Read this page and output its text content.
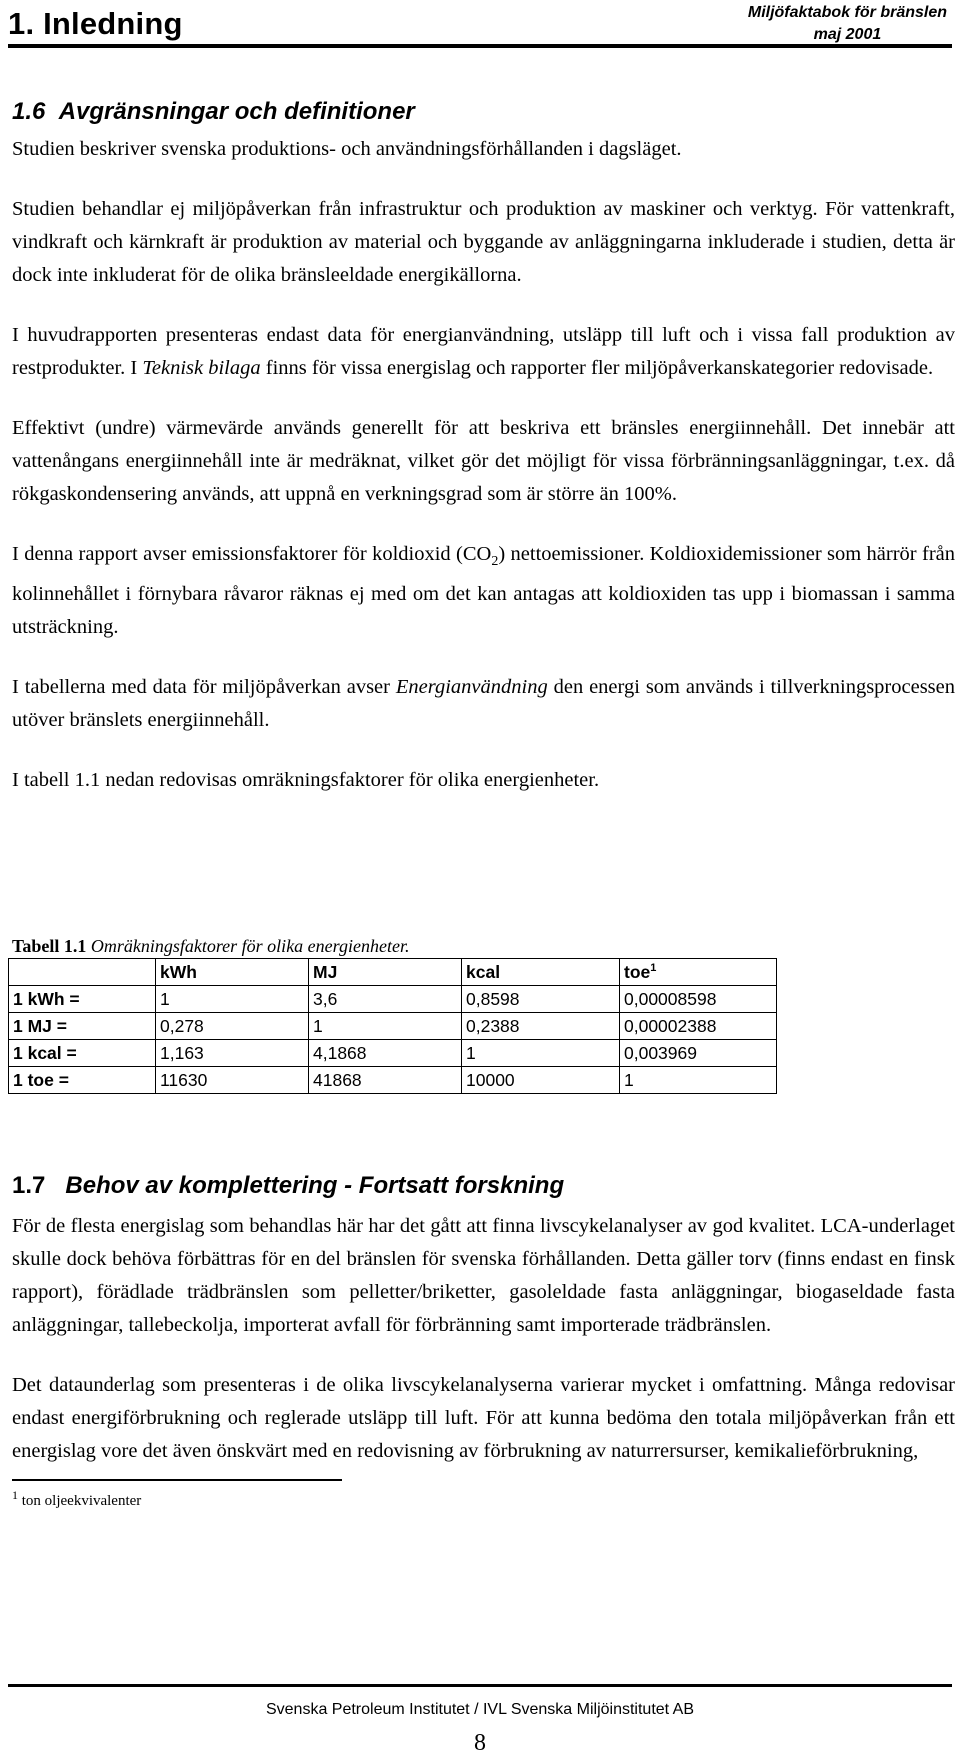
1. Inledning	Miljöfaktabok för bränslen
maj 2001
1.6 Avgränsningar och definitioner

Studien beskriver svenska produktions- och användningsförhållanden i dagsläget.

Studien behandlar ej miljöpåverkan från infrastruktur och produktion av maskiner och verktyg. För vattenkraft, vindkraft och kärnkraft är produktion av material och byggande av anläggningarna inkluderade i studien, detta är dock inte inkluderat för de olika bränsleeldade energikällorna.

I huvudrapporten presenteras endast data för energianvändning, utsläpp till luft och i vissa fall produktion av restprodukter. I Teknisk bilaga finns för vissa energislag och rapporter fler miljöpåverkanskategorier redovisade.

Effektivt (undre) värmevärde används generellt för att beskriva ett bränsles energiinnehåll. Det innebär att vattenångans energiinnehåll inte är medräknat, vilket gör det möjligt för vissa förbränningsanläggningar, t.ex. då rökgaskondensering används, att uppnå en verkningsgrad som är större än 100%.

I denna rapport avser emissionsfaktorer för koldioxid $(CO_2)$ nettoemissioner. Koldioxidemissioner som härrör från kolinnehållet i förnybara råvaror räknas ej med om det kan antagas att koldioxiden tas upp i biomassan i samma utsträckning.

I tabellerna med data för miljöpåverkan avser Energianvändning den energi som används i tillverkningsprocessen utöver bränslets energiinnehåll.

I tabell 1.1 nedan redovisas omräkningsfaktorer för olika energienheter.

Tabell 1.1 Omräkningsfaktorer för olika energienheter.
	kWh	MJ	kcal	toe$^1$
1 kWh =	1	3,6	0,8598	0,00008598
1 MJ =	0,278	1	0,2388	0,00002388
1 kcal =	1,163	4,1868	1	0,003969
1 toe =	11630	41868	10000	1
1.7 Behov av komplettering - Fortsatt forskning

För de flesta energislag som behandlas här har det gått att finna livscykelanalyser av god kvalitet. LCA-underlaget skulle dock behöva förbättras för en del bränslen för svenska förhållanden. Detta gäller torv (finns endast en finsk rapport), förädlade trädbränslen som pelletter/briketter, gasoleldade fasta anläggningar, biogaseldade fasta anläggningar, tallebeckolja, importerat avfall för förbränning samt importerade trädbränslen.

Det dataunderlag som presenteras i de olika livscykelanalyserna varierar mycket i omfattning. Många redovisar endast energiförbrukning och reglerade utsläpp till luft. För att kunna bedöma den totala miljöpåverkan från ett energislag vore det även önskvärt med en redovisning av förbrukning av naturrersurser, kemikalieförbrukning,

$^1$ ton oljeekvivalenter
Svenska Petroleum Institutet / IVL Svenska Miljöinstitutet AB
8
